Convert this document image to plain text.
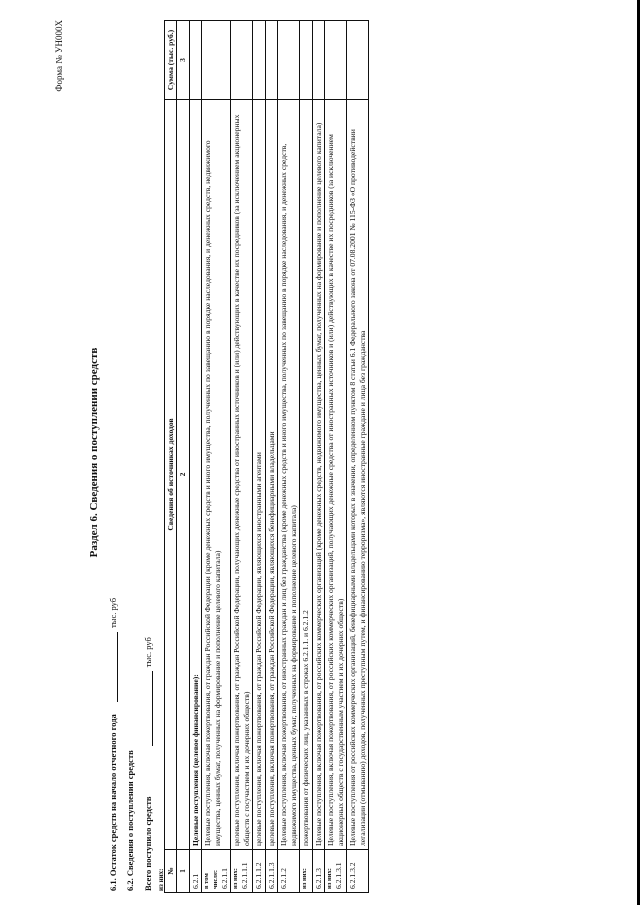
Форма № УН000Х
Раздел 6. Сведения о поступлении средств
6.1. Остаток средств на начало отчетного года  тыс. руб
6.2. Сведения о поступлении средств Всего поступило средств  тыс. руб
из них: №	Сведения об источниках доходов	Сумма (тыс. руб.)
1	2	3
6.2.1	Целевые поступления (целевое финансирование):	

в том числе: 6.2.1.1	Целевые поступления, включая пожертвования, от граждан Российской Федерации (кроме денежных средств и иного имущества, полученных по завещанию в порядке наследования, и денежных средств, недвижимого имущества, ценных бумаг, полученных на формирование и пополнение целевого капитала)	

из них: 6.2.1.1.1	целевые поступления, включая пожертвования, от граждан Российской Федерации, получающих денежные средства от иностранных источников и (или) действующих в качестве их посредников (за исключением акционерных обществ с госучастием и их дочерних обществ)	
6.2.1.1.2	целевые поступления, включая пожертвования, от граждан Российской Федерации, являющихся иностранными агентами	
6.2.1.1.3	целевые поступления, включая пожертвования, от граждан Российской Федерации, являющихся бенефициарными владельцами	
6.2.1.2	Целевые поступления, включая пожертвования, от иностранных граждан и лиц без гражданства (кроме денежных средств и иного имущества, полученных по завещанию в порядке наследования, и денежных средств, недвижимого имущества, ценных бумаг, полученных на формирование и пополнение целевого капитала)	

из них:	пожертвования от физических лиц, указанных в строках 6.2.1.1. и 6.2.1.2	
6.2.1.3	Целевые поступления, включая пожертвования, от российских коммерческих организаций (кроме денежных средств, недвижимого имущества, ценных бумаг, полученных на формирование и пополнение целевого капитала)	

из них: 6.2.1.3.1	Целевые поступления, включая пожертвования, от российских коммерческих организаций, получающих денежные средства от иностранных источников и (или) действующих в качестве их посредников (за исключением акционерных обществ с государственным участием и их дочерних обществ)	
6.2.1.3.2	Целевые поступления от российских коммерческих организаций, бенефициарными владельцами которых в значении, определенном пунктом 8 статьи 6.1 Федерального закона от 07.08.2001 № 115-ФЗ «О противодействии легализации (отмыванию) доходов, полученных преступным путем, и финансированию терроризма», являются иностранные граждане и лица без гражданства	
